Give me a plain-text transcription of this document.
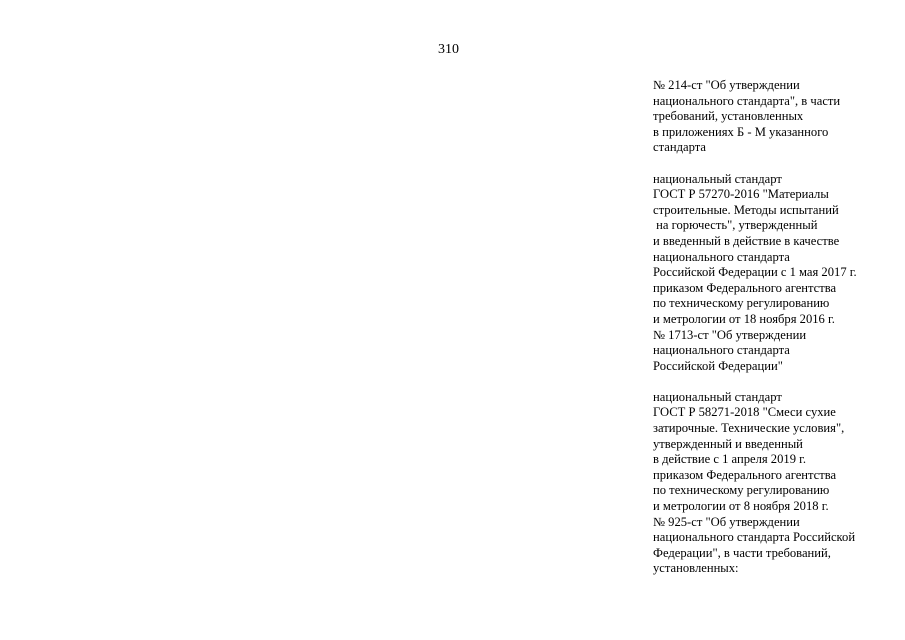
310

№ 214-ст "Об утверждении
национального стандарта", в части
требований, установленных
в приложениях Б - М указанного
стандарта
национальный стандарт
ГОСТ Р 57270-2016 "Материалы
строительные. Методы испытаний
на горючесть", утвержденный
и введенный в действие в качестве
национального стандарта
Российской Федерации с 1 мая 2017 г.
приказом Федерального агентства
по техническому регулированию
и метрологии от 18 ноября 2016 г.
№ 1713-ст "Об утверждении
национального стандарта
Российской Федерации"
национальный стандарт
ГОСТ Р 58271-2018 "Смеси сухие
затирочные. Технические условия",
утвержденный и введенный
в действие с 1 апреля 2019 г.
приказом Федерального агентства
по техническому регулированию
и метрологии от 8 ноября 2018 г.
№ 925-ст "Об утверждении
национального стандарта Российской
Федерации", в части требований,
установленных:
